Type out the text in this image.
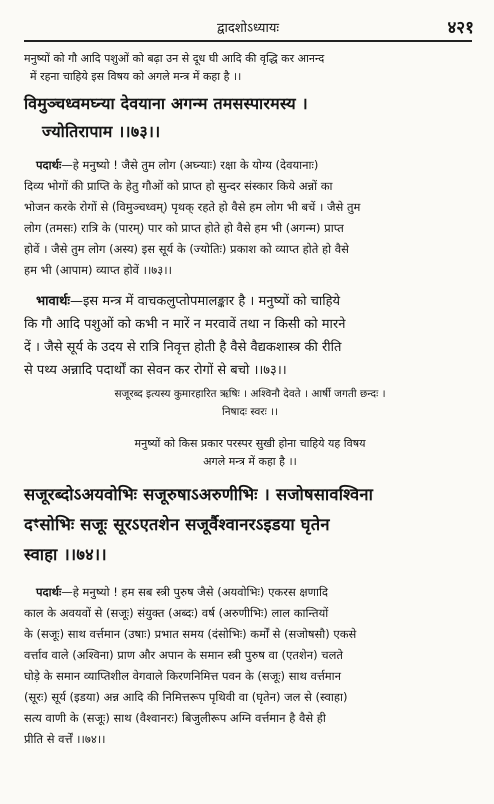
द्वादशोऽध्यायः	४२१
मनुष्यों को गौ आदि पशुओं को बढ़ा उन से दूध घी आदि की वृद्धि कर आनन्द
में रहना चाहिये इस विषय को अगले मन्त्र में कहा है ।।
विमुञ्चध्वमघ्न्या देवयाना अगन्म तमसस्पारमस्य ।
ज्योतिरापाम ।।७३।।
पदार्थः—हे मनुष्यो ! जैसे तुम लोग (अघ्न्याः) रक्षा के योग्य (देवयानाः)
दिव्य भोगों की प्राप्ति के हेतु गौओं को प्राप्त हो सुन्दर संस्कार किये अन्नों का
भोजन करके रोगों से (विमुञ्चध्वम्) पृथक् रहते हो वैसे हम लोग भी बचें । जैसे तुम
लोग (तमसः) रात्रि के (पारम्) पार को प्राप्त होते हो वैसे हम भी (अगन्म) प्राप्त
होवें । जैसे तुम लोग (अस्य) इस सूर्य के (ज्योतिः) प्रकाश को व्याप्त होते हो वैसे
हम भी (आपाम) व्याप्त होवें ।।७३।।
भावार्थः—इस मन्त्र में वाचकलुप्तोपमालङ्कार है । मनुष्यों को चाहिये
कि गौ आदि पशुओं को कभी न मारें न मरवावें तथा न किसी को मारने
दें । जैसे सूर्य के उदय से रात्रि निवृत्त होती है वैसे वैद्यकशास्त्र की रीति
से पथ्य अन्नादि पदार्थों का सेवन कर रोगों से बचो ।।७३।।
सजूरब्द इत्यस्य कुमारहारित ऋषिः । अश्विनौ देवते । आर्षी जगती छन्दः ।
निषादः स्वरः ।।
मनुष्यों को किस प्रकार परस्पर सुखी होना चाहिये यह विषय
अगले मन्त्र में कहा है ।।
सजूरब्दोऽअयवोभिः सजूरुषाऽअरुणीभिः । सजोषसावश्विना
दꣳसोभिः सजूः सूरऽएतशेन सजूर्वैश्वानरऽइडया घृतेन
स्वाहा ।।७४।।
पदार्थः—हे मनुष्यो ! हम सब स्त्री पुरुष जैसे (अयवोभिः) एकरस क्षणादि
काल के अवयवों से (सजूः) संयुक्त (अब्दः) वर्ष (अरुणीभिः) लाल कान्तियों
के (सजूः) साथ वर्त्तमान (उषाः) प्रभात समय (दंसोभिः) कर्मों से (सजोषसौ) एकसे
वर्त्ताव वाले (अश्विना) प्राण और अपान के समान स्त्री पुरुष वा (एतशेन) चलते
घोड़े के समान व्याप्तिशील वेगवाले किरणनिमित्त पवन के (सजूः) साथ वर्त्तमान
(सूरः) सूर्य (इडया) अन्न आदि की निमित्तरूप पृथिवी वा (घृतेन) जल से (स्वाहा)
सत्य वाणी के (सजूः) साथ (वैश्वानरः) बिजुलीरूप अग्नि वर्त्तमान है वैसे ही
प्रीति से वर्त्तें ।।७४।।
